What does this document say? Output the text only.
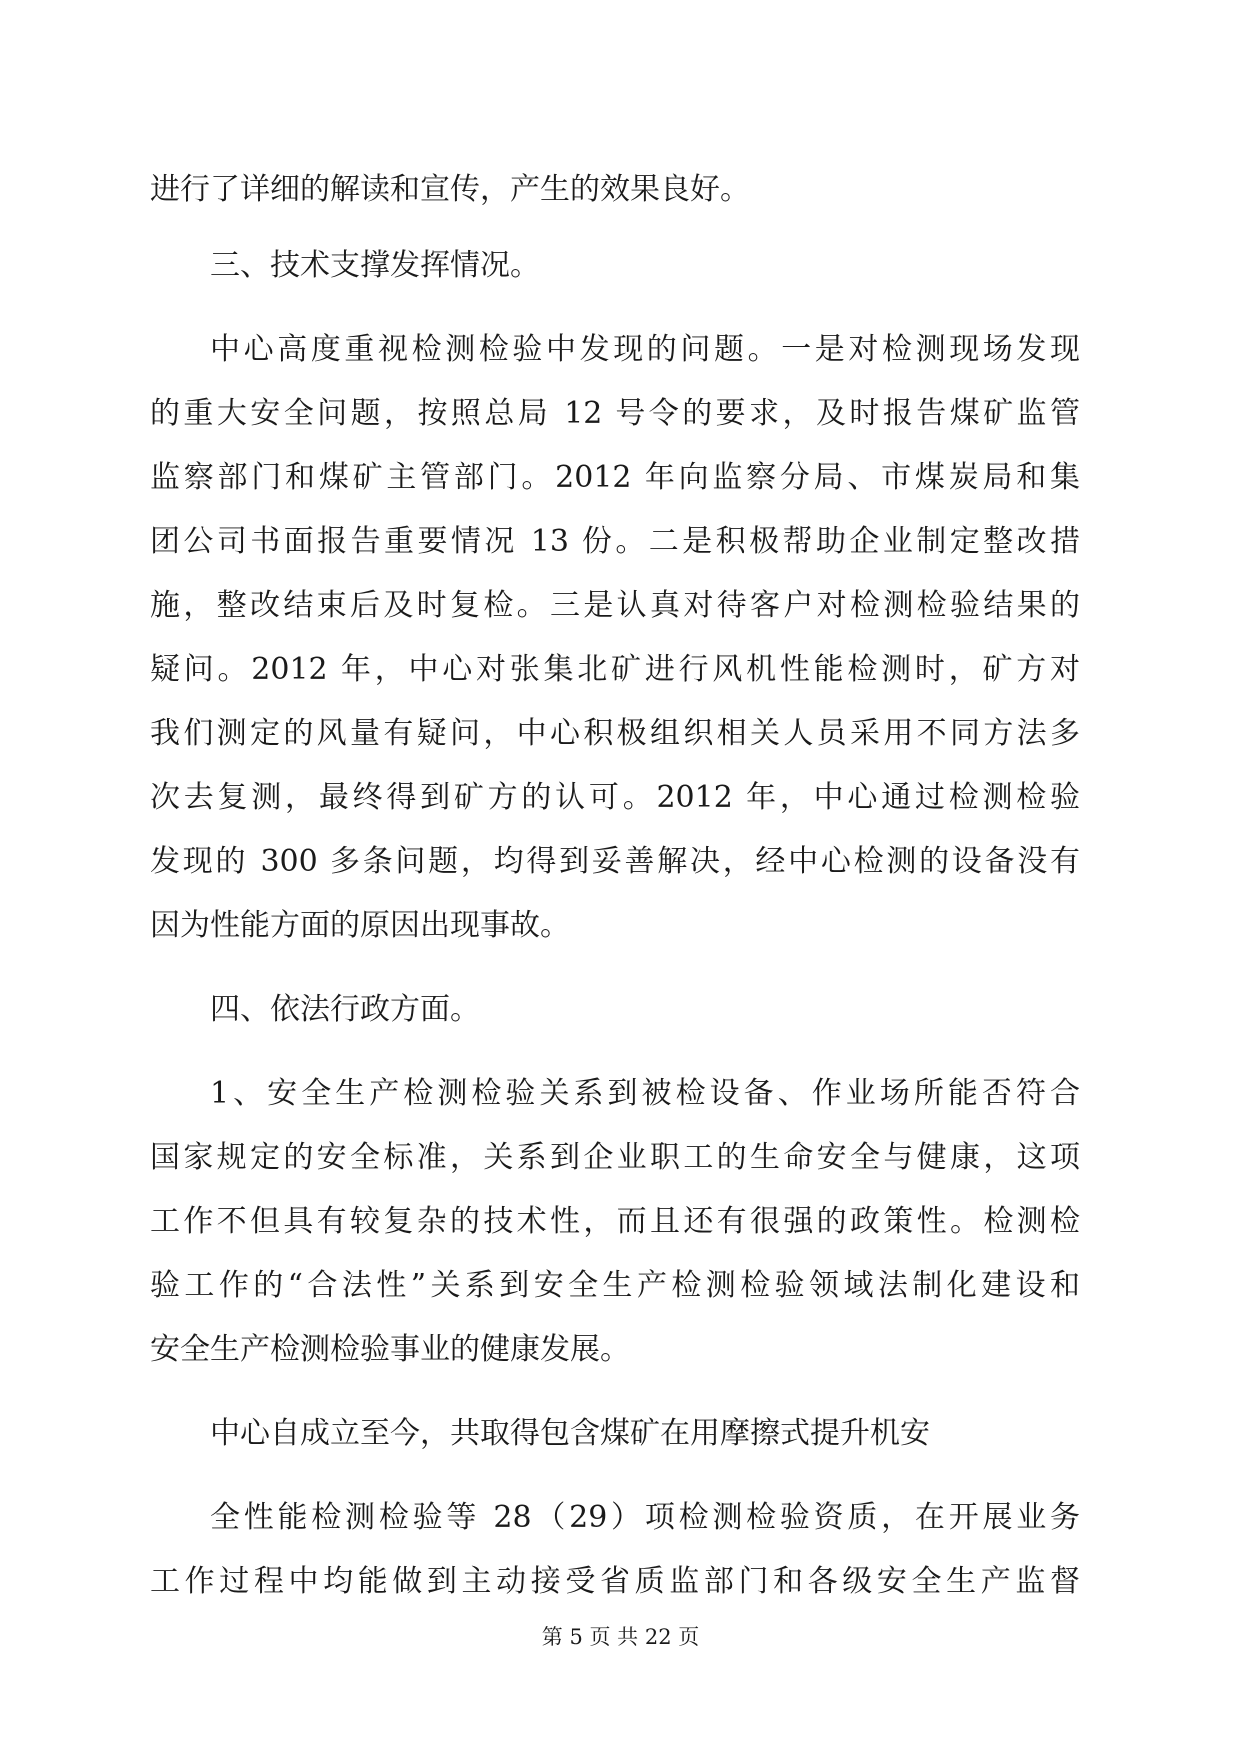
进行了详细的解读和宣传，产生的效果良好。
三、技术支撑发挥情况。
中心高度重视检测检验中发现的问题。一是对检测现场发现
的重大安全问题，按照总局 12 号令的要求，及时报告煤矿监管
监察部门和煤矿主管部门。2012 年向监察分局、市煤炭局和集
团公司书面报告重要情况 13 份。二是积极帮助企业制定整改措
施，整改结束后及时复检。三是认真对待客户对检测检验结果的
疑问。2012 年，中心对张集北矿进行风机性能检测时，矿方对
我们测定的风量有疑问，中心积极组织相关人员采用不同方法多
次去复测，最终得到矿方的认可。2012 年，中心通过检测检验
发现的 300 多条问题，均得到妥善解决，经中心检测的设备没有
因为性能方面的原因出现事故。
四、依法行政方面。
1、安全生产检测检验关系到被检设备、作业场所能否符合
国家规定的安全标准，关系到企业职工的生命安全与健康，这项
工作不但具有较复杂的技术性，而且还有很强的政策性。检测检
验工作的“合法性”关系到安全生产检测检验领域法制化建设和
安全生产检测检验事业的健康发展。
中心自成立至今，共取得包含煤矿在用摩擦式提升机安
全性能检测检验等 28（29）项检测检验资质，在开展业务
工作过程中均能做到主动接受省质监部门和各级安全生产监督
第 5 页 共 22 页
